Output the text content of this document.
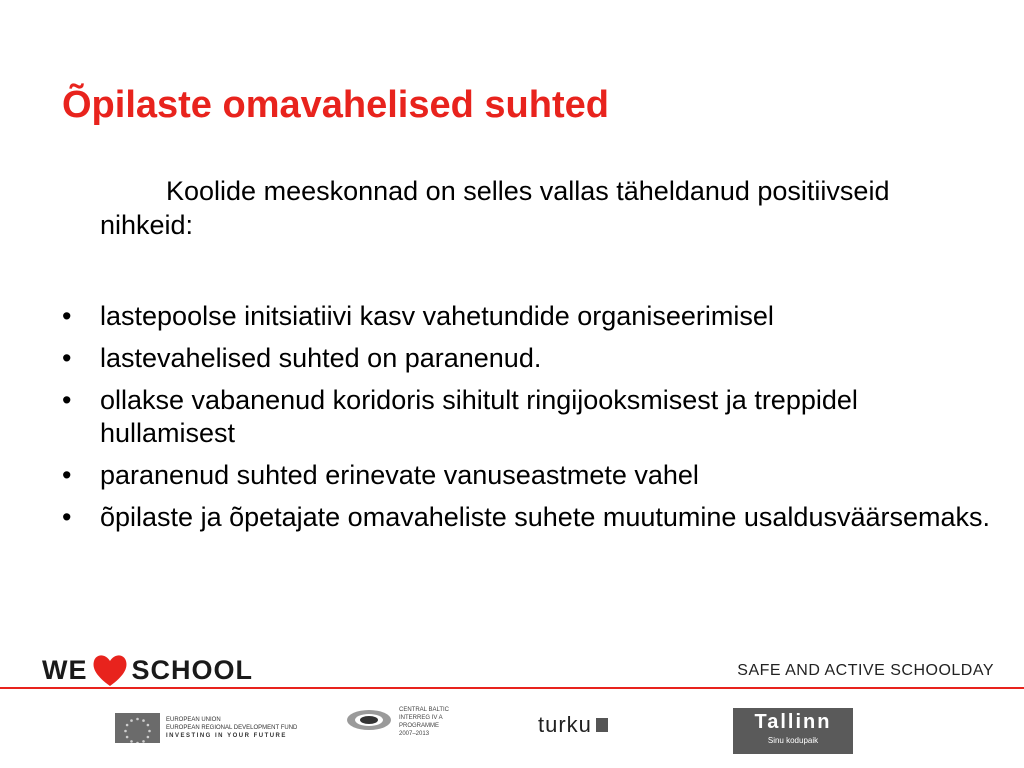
Õpilaste omavahelised suhted

Koolide meeskonnad on selles vallas täheldanud positiivseid nihkeid:

• lastepoolse initsiatiivi kasv vahetundide organiseerimisel
• lastevahelised suhted on paranenud.
• ollakse vabanenud koridoris sihitult ringijooksmisest ja treppidel hullamisest
• paranenud suhted erinevate vanuseastmete vahel
• õpilaste ja õpetajate omavaheliste suhete muutumine usaldusväärsemaks.
WE SCHOOL	SAFE AND ACTIVE SCHOOLDAY
EUROPEAN UNION
EUROPEAN REGIONAL DEVELOPMENT FUND
INVESTING IN YOUR FUTURE
CENTRAL BALTIC
INTERREG IV A
PROGRAMME
2007–2013	turku	Tallinn
Sinu kodupaik
